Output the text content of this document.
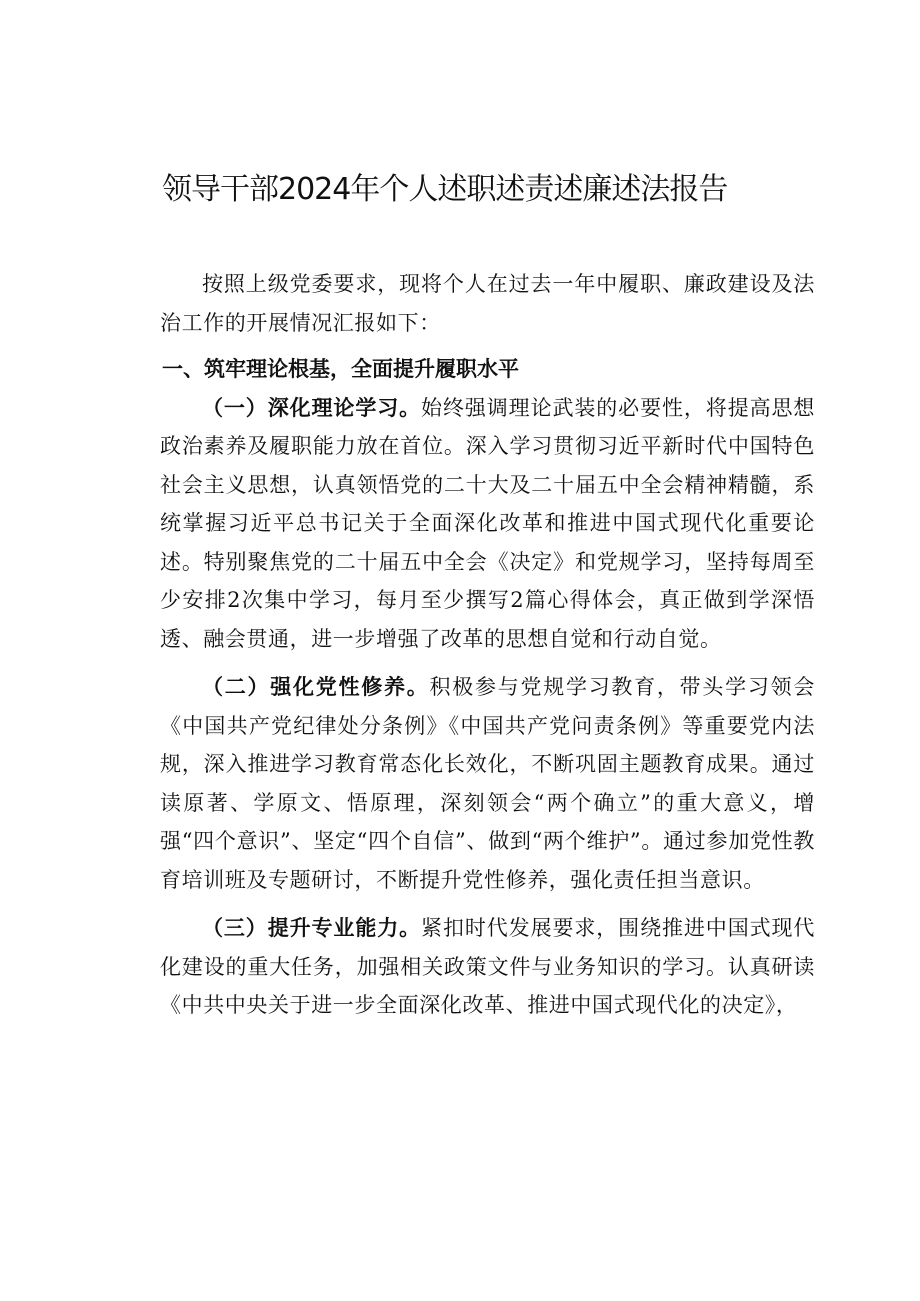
领导干部2024年个人述职述责述廉述法报告

按照上级党委要求，现将个人在过去一年中履职、廉政建设及法治工作的开展情况汇报如下：

一、筑牢理论根基，全面提升履职水平

（一）深化理论学习。始终强调理论武装的必要性，将提高思想政治素养及履职能力放在首位。深入学习贯彻习近平新时代中国特色社会主义思想，认真领悟党的二十大及二十届五中全会精神精髓，系统掌握习近平总书记关于全面深化改革和推进中国式现代化重要论述。特别聚焦党的二十届五中全会《决定》和党规学习，坚持每周至少安排2次集中学习，每月至少撰写2篇心得体会，真正做到学深悟透、融会贯通，进一步增强了改革的思想自觉和行动自觉。

（二）强化党性修养。积极参与党规学习教育，带头学习领会《中国共产党纪律处分条例》《中国共产党问责条例》等重要党内法规，深入推进学习教育常态化长效化，不断巩固主题教育成果。通过读原著、学原文、悟原理，深刻领会“两个确立”的重大意义，增强“四个意识”、坚定“四个自信”、做到“两个维护”。通过参加党性教育培训班及专题研讨，不断提升党性修养，强化责任担当意识。

（三）提升专业能力。紧扣时代发展要求，围绕推进中国式现代化建设的重大任务，加强相关政策文件与业务知识的学习。认真研读《中共中央关于进一步全面深化改革、推进中国式现代化的决定》，
